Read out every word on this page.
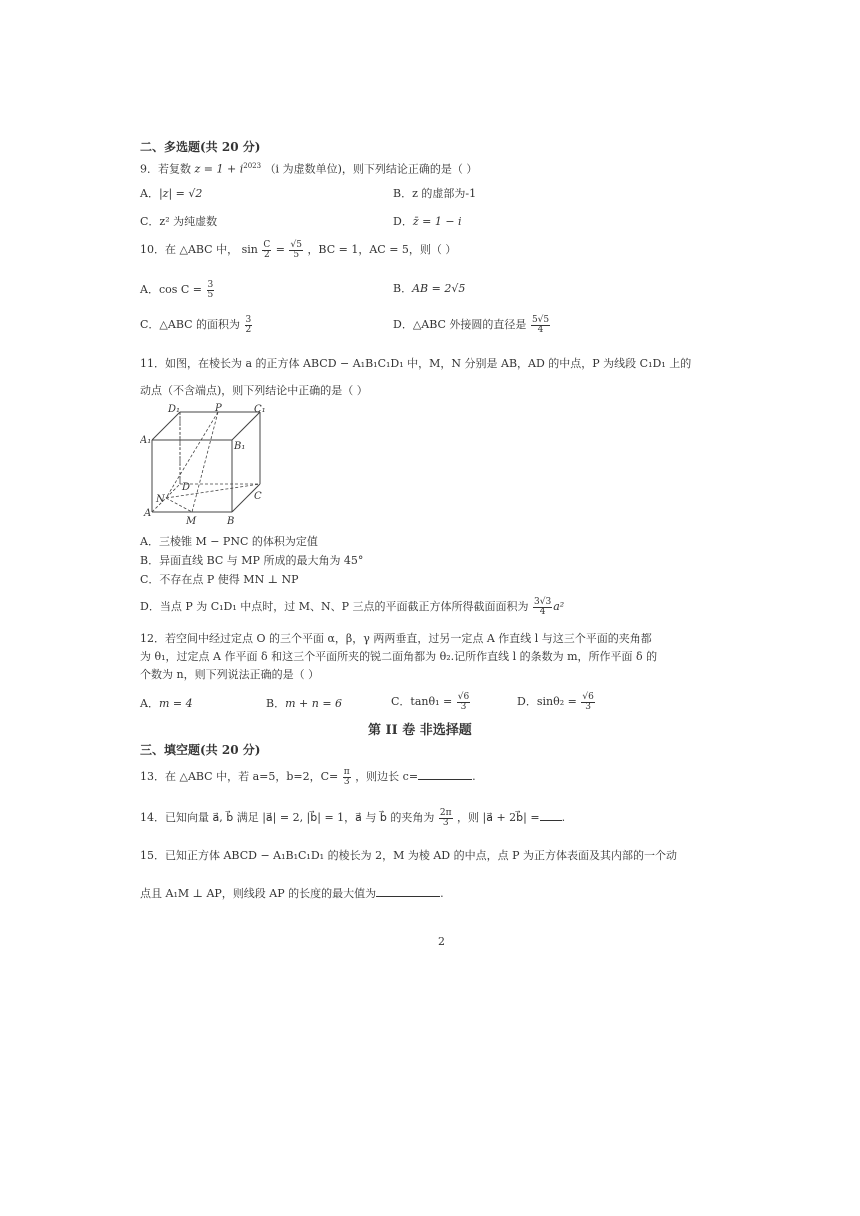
二、多选题(共 20 分)
9．若复数 $z = 1 + i^{2023}$ （i 为虚数单位)，则下列结论正确的是（ ）
A．|z| = √2	B．z 的虚部为-1
C．z² 为纯虚数	D．z̄ = 1 − i
10．在 △ABC 中， $\sin \frac{C}{2} = \frac{√5}{5}$ ，BC = 1，AC = 5，则（ ）
A．$\cos C = \frac{3}{5}$	B．AB = 2√5
C．△ABC 的面积为 $\frac{3}{2}$	D．△ABC 外接圆的直径是 $\frac{5√5}{4}$
11．如图，在棱长为 a 的正方体 ABCD − A₁B₁C₁D₁ 中，M，N 分别是 AB，AD 的中点，P 为线段 C₁D₁ 上的
动点（不含端点)，则下列结论中正确的是（ ）
D₁	P	C₁
A₁
B₁
D
N	C
A
M	B
A．三棱锥 M − PNC 的体积为定值
B．异面直线 BC 与 MP 所成的最大角为 45°
C．不存在点 P 使得 MN ⊥ NP
D．当点 P 为 C₁D₁ 中点时，过 M、N、P 三点的平面截正方体所得截面面积为 $\frac{3√3}{4} a^2$
12．若空间中经过定点 O 的三个平面 α，β，γ 两两垂直，过另一定点 A 作直线 l 与这三个平面的夹角都
为 θ₁，过定点 A 作平面 δ 和这三个平面所夹的锐二面角都为 θ₂.记所作直线 l 的条数为 m，所作平面 δ 的
个数为 n，则下列说法正确的是（ ）
A．m = 4	B．m + n = 6	C．$\tan\theta_1 = \frac{√6}{3}$	D．$\sin\theta_2 = \frac{√6}{3}$
第 II 卷 非选择题
三、填空题(共 20 分)
13．在 △ABC 中，若 a=5，b=2，$C= \frac{\pi}{3}$ ，则边长 c=	.
14．已知向量 a⃗, b⃗ 满足 |a⃗| = 2, |b⃗| = 1，a⃗ 与 b⃗ 的夹角为 $\frac{2\pi}{3}$ ，则 |a⃗ + 2b⃗| = .
15．已知正方体 ABCD − A₁B₁C₁D₁ 的棱长为 2，M 为棱 AD 的中点，点 P 为正方体表面及其内部的一个动
点且 A₁M ⊥ AP，则线段 AP 的长度的最大值为	.
2
